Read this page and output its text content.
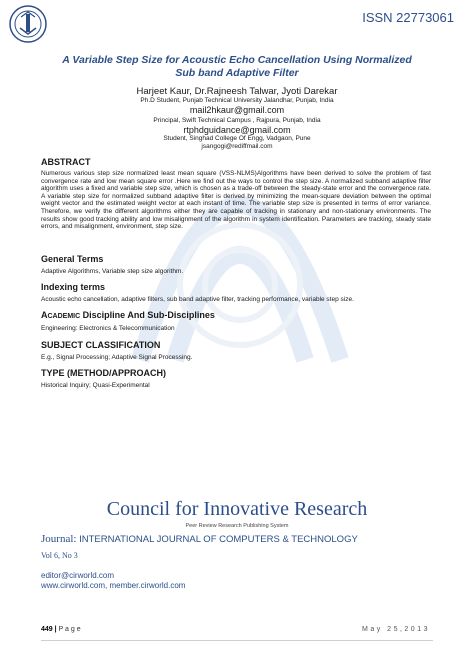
ISSN 22773061
A Variable Step Size for Acoustic Echo Cancellation Using Normalized
Sub band Adaptive Filter
Harjeet Kaur, Dr.Rajneesh Talwar, Jyoti Darekar
Ph.D Student, Punjab Technical University Jalandhar, Punjab, India
mail2hkaur@gmail.com
Principal, Swift Technical Campus , Rajpura, Punjab, India
rtphdguidance@gmail.com
Student, Singhad College Of Engg, Vadgaon, Pune
jsangogi@rediffmail.com
ABSTRACT
Numerous various step size normalized least mean square (VSS-NLMS)Algorithms have been derived to solve the problem of fast convergence rate and low mean square error .Here we find out the ways to control the step size. A normalized subband adaptive filter algorithm uses a fixed and variable step size, which is chosen as a trade-off between the steady-state error and the convergence rate. A variable step size for normalized subband adaptive filter is derived by minimizing the mean-square deviation between the optimal weight vector and the estimated weight vector at each instant of time. The variable step size is presented in terms of error variance. Therefore, we verify the different algorithms either they are capable of tracking in stationary and non-stationary environments. The results show good tracking ability and low misalignment of the algorithm in system identification. Parameters are tracking, steady state errors, and misalignment, environment, step size.
General Terms
Adaptive Algorithms, Variable step size algorithm.
Indexing terms
Acoustic echo cancellation, adaptive filters, sub band adaptive filter, tracking performance, variable step size.
ACADEMIC Discipline And Sub-Disciplines
Engineering: Electronics & Telecommunication
SUBJECT CLASSIFICATION
E.g., Signal Processing; Adaptive Signal Processing.
TYPE (METHOD/APPROACH)
Historical Inquiry; Quasi-Experimental
Council for Innovative Research
Peer Review Research Publishing System
Journal: INTERNATIONAL JOURNAL OF COMPUTERS & TECHNOLOGY
Vol 6, No 3
editor@cirworld.com
www.cirworld.com, member.cirworld.com
449 | P a g e	May 25,2013
